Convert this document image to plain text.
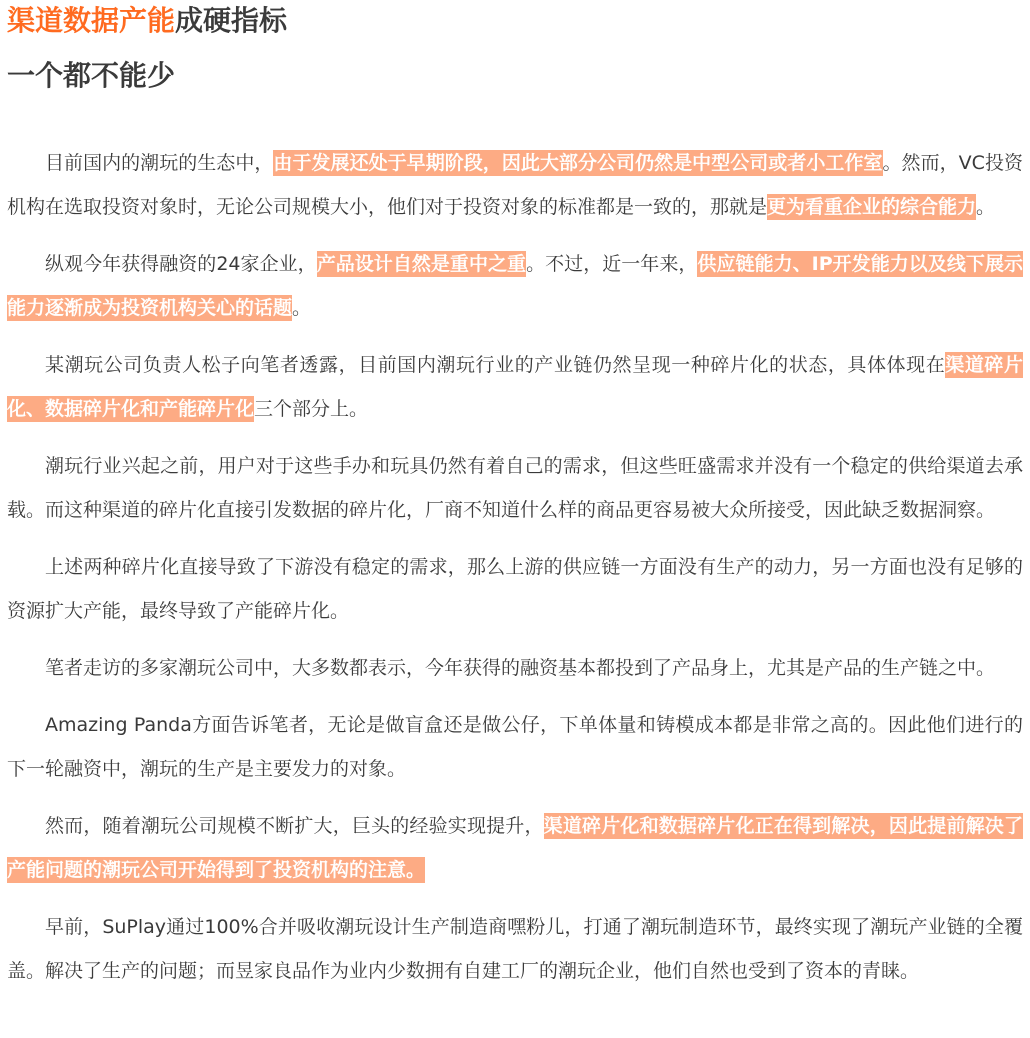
渠道数据产能成硬指标
一个都不能少

目前国内的潮玩的生态中，由于发展还处于早期阶段，因此大部分公司仍然是中型公司或者小工作室。然而，VC投资机构在选取投资对象时，无论公司规模大小，他们对于投资对象的标准都是一致的，那就是更为看重企业的综合能力。

纵观今年获得融资的24家企业，产品设计自然是重中之重。不过，近一年来，供应链能力、IP开发能力以及线下展示能力逐渐成为投资机构关心的话题。

某潮玩公司负责人松子向笔者透露，目前国内潮玩行业的产业链仍然呈现一种碎片化的状态，具体体现在渠道碎片化、数据碎片化和产能碎片化三个部分上。

潮玩行业兴起之前，用户对于这些手办和玩具仍然有着自己的需求，但这些旺盛需求并没有一个稳定的供给渠道去承载。而这种渠道的碎片化直接引发数据的碎片化，厂商不知道什么样的商品更容易被大众所接受，因此缺乏数据洞察。

上述两种碎片化直接导致了下游没有稳定的需求，那么上游的供应链一方面没有生产的动力，另一方面也没有足够的资源扩大产能，最终导致了产能碎片化。

笔者走访的多家潮玩公司中，大多数都表示，今年获得的融资基本都投到了产品身上，尤其是产品的生产链之中。

Amazing Panda方面告诉笔者，无论是做盲盒还是做公仔，下单体量和铸模成本都是非常之高的。因此他们进行的下一轮融资中，潮玩的生产是主要发力的对象。

然而，随着潮玩公司规模不断扩大，巨头的经验实现提升，渠道碎片化和数据碎片化正在得到解决，因此提前解决了产能问题的潮玩公司开始得到了投资机构的注意。

早前，SuPlay通过100%合并吸收潮玩设计生产制造商嘿粉儿，打通了潮玩制造环节，最终实现了潮玩产业链的全覆盖。解决了生产的问题；而昱家良品作为业内少数拥有自建工厂的潮玩企业，他们自然也受到了资本的青睐。
